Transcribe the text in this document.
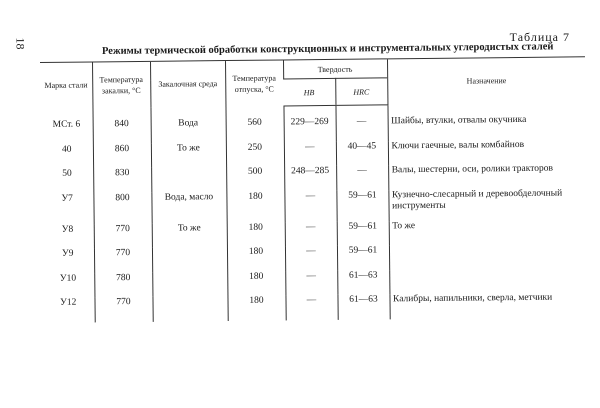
18	Таблица 7
Режимы термической обработки конструкционных и инструментальных углеродистых сталей
Марка стали	Температура закалки, °С	Закалочная среда	Температура отпуска, °С	Твердость		Назначение
				НВ	HRC	
МСт. 6	840	Вода	560	229—269	—	Шайбы, втулки, отвалы окучника
40	860	То же	250	—	40—45	Ключи гаечные, валы комбайнов
50	830		500	248—285	—	Валы, шестерни, оси, ролики тракторов
У7	800	Вода, масло	180	—	59—61	Кузнечно-слесарный и деревообделочный инструменты
У8	770	То же	180	—	59—61	То же
У9	770		180	—	59—61	
У10	780		180	—	61—63	
У12	770		180	—	61—63	Калибры, напильники, сверла, метчики
